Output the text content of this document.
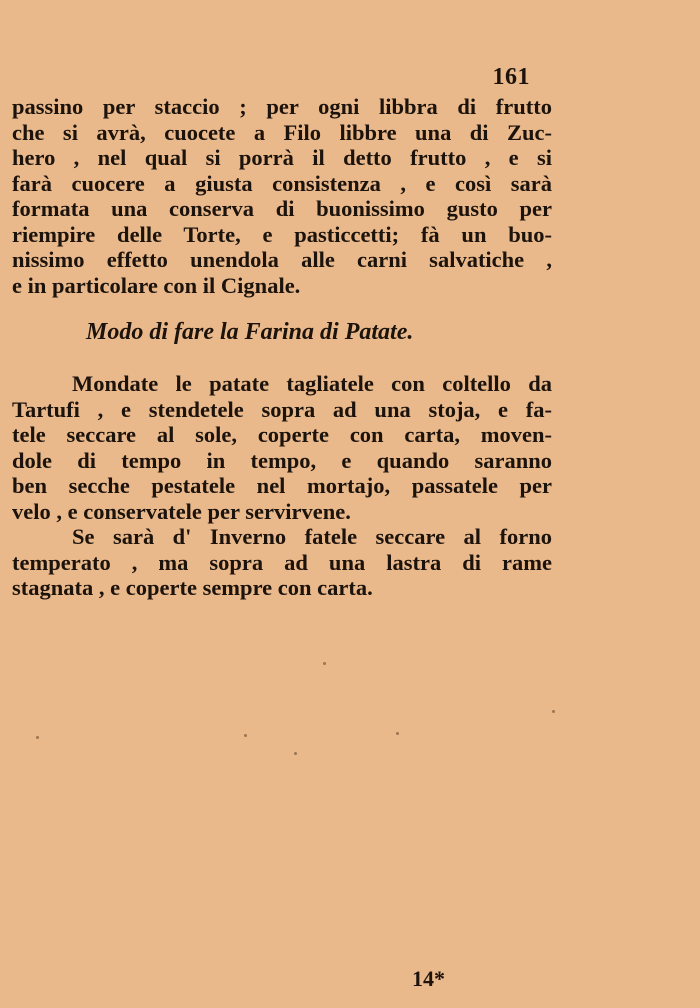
161
passino per staccio ; per ogni libbra di frutto
che si avrà, cuocete a Filo libbre una di Zuc-
hero , nel qual si porrà il detto frutto , e si
farà cuocere a giusta consistenza , e così sarà
formata una conserva di buonissimo gusto per
riempire delle Torte, e pasticcetti; fà un buo-
nissimo effetto unendola alle carni salvatiche ,
e in particolare con il Cignale.
Modo di fare la Farina di Patate.
Mondate le patate tagliatele con coltello da
Tartufi , e stendetele sopra ad una stoja, e fa-
tele seccare al sole, coperte con carta, moven-
dole di tempo in tempo, e quando saranno
ben secche pestatele nel mortajo, passatele per
velo , e conservatele per servirvene.
Se sarà d' Inverno fatele seccare al forno
temperato , ma sopra ad una lastra di rame
stagnata , e coperte sempre con carta.
14*
